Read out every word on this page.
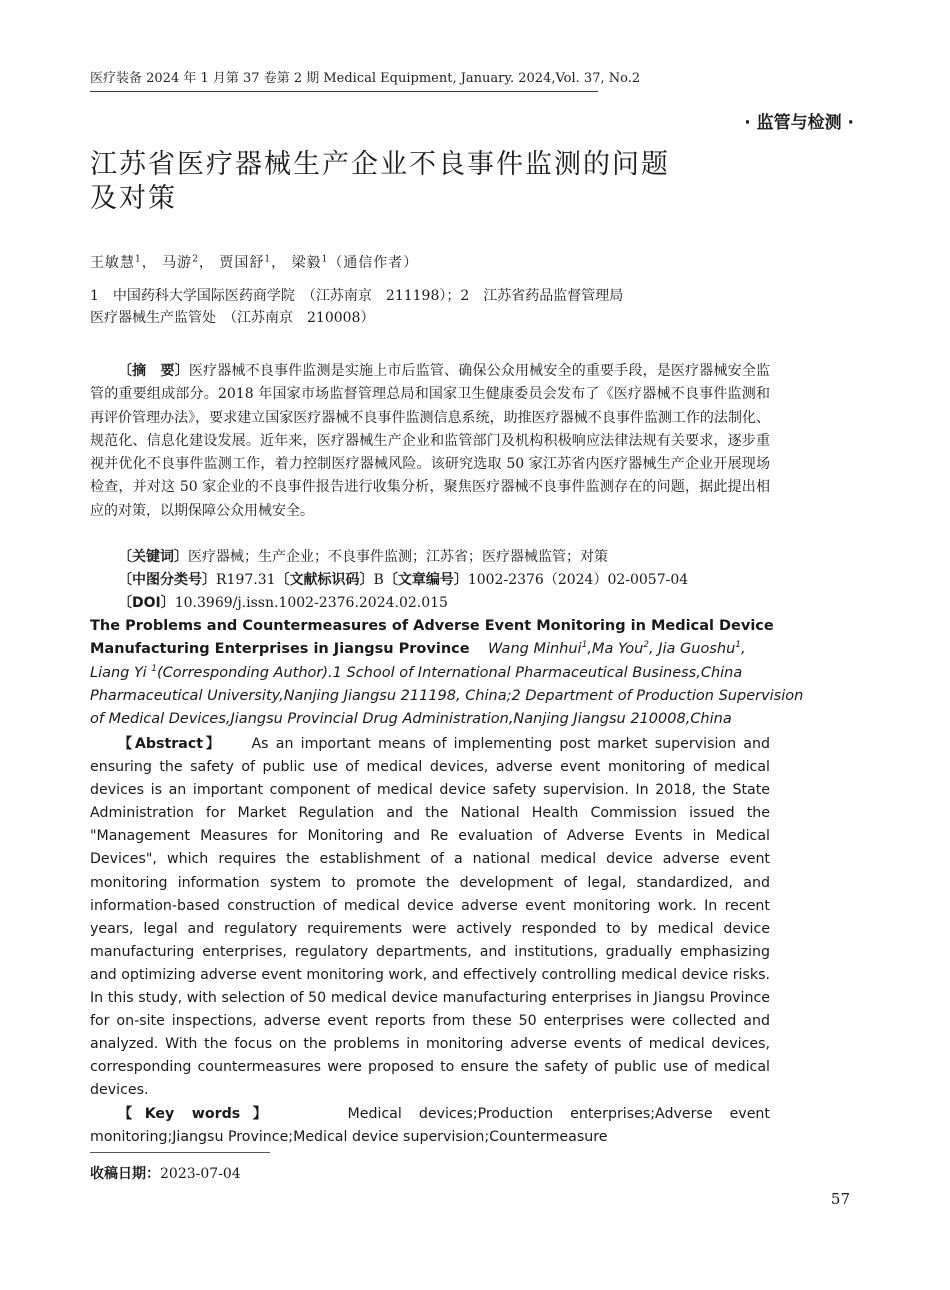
医疗装备 2024 年 1 月第 37 卷第 2 期 Medical Equipment, January. 2024,Vol. 37, No.2
· 监管与检测 ·
江苏省医疗器械生产企业不良事件监测的问题
及对策
王敏慧$^1$， 马游$^2$， 贾国舒$^1$， 梁毅$^1$（通信作者）
1　中国药科大学国际医药商学院　（江苏南京　211198）；2　江苏省药品监督管理局
医疗器械生产监管处　（江苏南京　210008）
〔摘　要〕医疗器械不良事件监测是实施上市后监管、确保公众用械安全的重要手段，是医疗器械安全监管的重要组成部分。2018 年国家市场监督管理总局和国家卫生健康委员会发布了《医疗器械不良事件监测和再评价管理办法》，要求建立国家医疗器械不良事件监测信息系统，助推医疗器械不良事件监测工作的法制化、规范化、信息化建设发展。近年来，医疗器械生产企业和监管部门及机构积极响应法律法规有关要求，逐步重视并优化不良事件监测工作，着力控制医疗器械风险。该研究选取 50 家江苏省内医疗器械生产企业开展现场检查，并对这 50 家企业的不良事件报告进行收集分析，聚焦医疗器械不良事件监测存在的问题，据此提出相应的对策，以期保障公众用械安全。
〔关键词〕医疗器械；生产企业；不良事件监测；江苏省；医疗器械监管；对策
〔中图分类号〕R197.31〔文献标识码〕B〔文章编号〕1002-2376（2024）02-0057-04
〔DOI〕10.3969/j.issn.1002-2376.2024.02.015
The Problems and Countermeasures of Adverse Event Monitoring in Medical Device
Manufacturing Enterprises in Jiangsu Province Wang Minhui$^1$,Ma You$^2$, Jia Guoshu$^1$,
Liang Yi $^1$(Corresponding Author).1 School of International Pharmaceutical Business,China
Pharmaceutical University,Nanjing Jiangsu 211198, China;2 Department of Production Supervision
of Medical Devices,Jiangsu Provincial Drug Administration,Nanjing Jiangsu 210008,China
【Abstract】 As an important means of implementing post market supervision and ensuring the safety of public use of medical devices, adverse event monitoring of medical devices is an important component of medical device safety supervision. In 2018, the State Administration for Market Regulation and the National Health Commission issued the "Management Measures for Monitoring and Re evaluation of Adverse Events in Medical Devices", which requires the establishment of a national medical device adverse event monitoring information system to promote the development of legal, standardized, and information-based construction of medical device adverse event monitoring work. In recent years, legal and regulatory requirements were actively responded to by medical device manufacturing enterprises, regulatory departments, and institutions, gradually emphasizing and optimizing adverse event monitoring work, and effectively controlling medical device risks. In this study, with selection of 50 medical device manufacturing enterprises in Jiangsu Province for on-site inspections, adverse event reports from these 50 enterprises were collected and analyzed. With the focus on the problems in monitoring adverse events of medical devices, corresponding countermeasures were proposed to ensure the safety of public use of medical devices.
【Key words】	Medical devices;Production enterprises;Adverse event monitoring;Jiangsu Province;Medical device supervision;Countermeasure
收稿日期：2023-07-04
57
